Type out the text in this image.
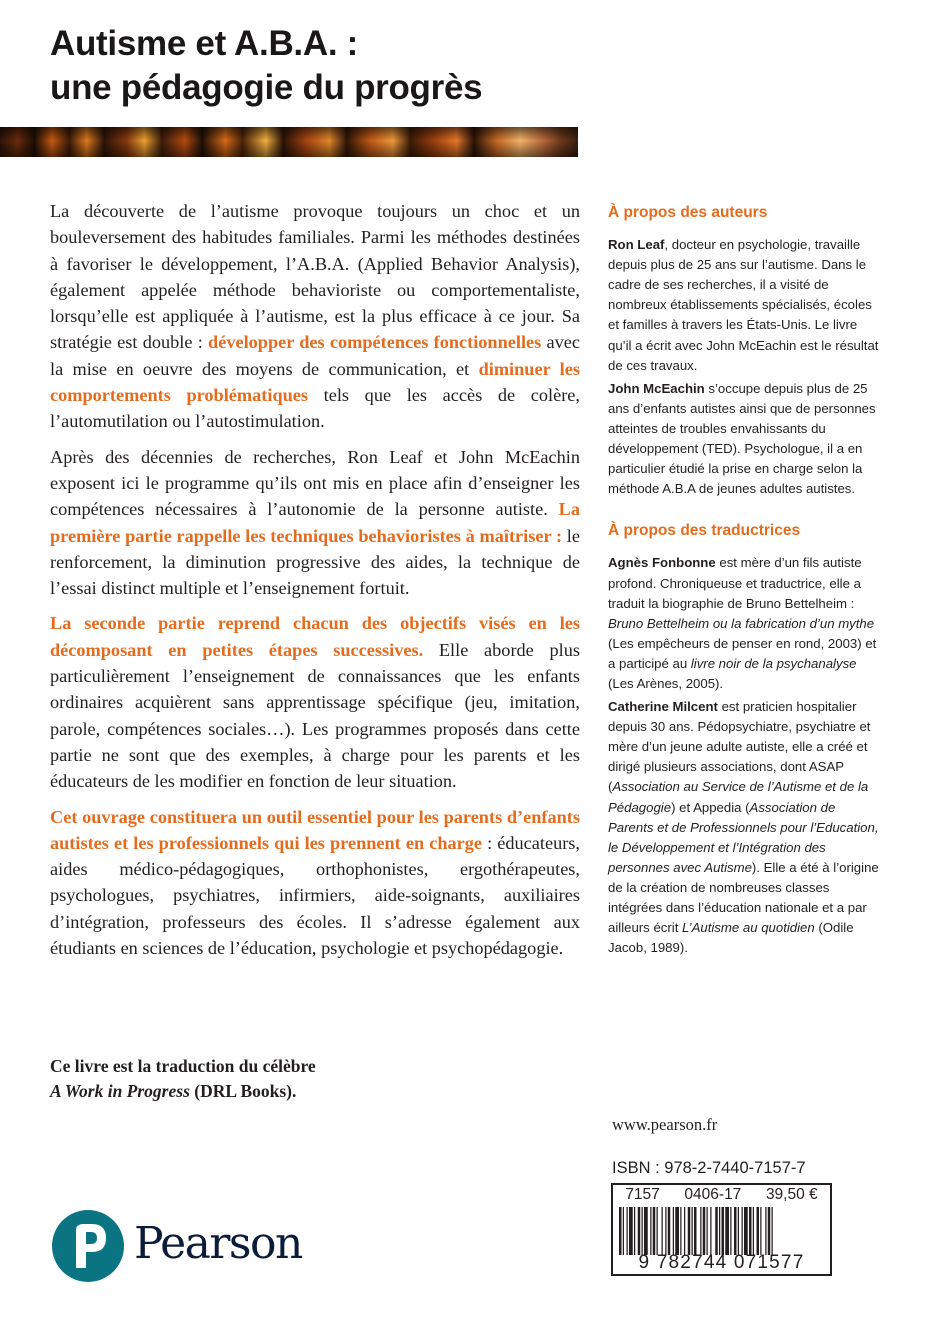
Autisme et A.B.A. :
une pédagogie du progrès

La découverte de l’autisme provoque toujours un choc et un bouleversement des habitudes familiales. Parmi les méthodes destinées à favoriser le développement, l’A.B.A. (Applied Behavior Analysis), également appelée méthode behavioriste ou comportementaliste, lorsqu’elle est appliquée à l’autisme, est la plus efficace à ce jour. Sa stratégie est double : développer des compétences fonctionnelles avec la mise en oeuvre des moyens de communication, et diminuer les comportements problématiques tels que les accès de colère, l’automutilation ou l’autostimulation.

Après des décennies de recherches, Ron Leaf et John McEachin exposent ici le programme qu’ils ont mis en place afin d’enseigner les compétences nécessaires à l’autonomie de la personne autiste. La première partie rappelle les techniques behavioristes à maîtriser : le renforcement, la diminution progressive des aides, la technique de l’essai distinct multiple et l’enseignement fortuit.

La seconde partie reprend chacun des objectifs visés en les décomposant en petites étapes successives. Elle aborde plus particulièrement l’enseignement de connaissances que les enfants ordinaires acquièrent sans apprentissage spécifique (jeu, imitation, parole, compétences sociales…). Les programmes proposés dans cette partie ne sont que des exemples, à charge pour les parents et les éducateurs de les modifier en fonction de leur situation.

Cet ouvrage constituera un outil essentiel pour les parents d’enfants autistes et les professionnels qui les prennent en charge : éducateurs, aides médico-pédagogiques, orthophonistes, ergothérapeutes, psychologues, psychiatres, infirmiers, aide-soignants, auxiliaires d’intégration, professeurs des écoles. Il s’adresse également aux étudiants en sciences de l’éducation, psychologie et psychopédagogie.

Ce livre est la traduction du célèbre
A Work in Progress (DRL Books).
À propos des auteurs

Ron Leaf, docteur en psychologie, travaille depuis plus de 25 ans sur l’autisme. Dans le cadre de ses recherches, il a visité de nombreux établissements spécialisés, écoles et familles à travers les États-Unis. Le livre qu’il a écrit avec John McEachin est le résultat de ces travaux.

John McEachin s’occupe depuis plus de 25 ans d’enfants autistes ainsi que de personnes atteintes de troubles envahissants du développement (TED). Psychologue, il a en particulier étudié la prise en charge selon la méthode A.B.A de jeunes adultes autistes.

À propos des traductrices

Agnès Fonbonne est mère d’un fils autiste profond. Chroniqueuse et traductrice, elle a traduit la biographie de Bruno Bettelheim : Bruno Bettelheim ou la fabrication d’un mythe (Les empêcheurs de penser en rond, 2003) et a participé au livre noir de la psychanalyse (Les Arènes, 2005).

Catherine Milcent est praticien hospitalier depuis 30 ans. Pédopsychiatre, psychiatre et mère d’un jeune adulte autiste, elle a créé et dirigé plusieurs associations, dont ASAP (Association au Service de l’Autisme et de la Pédagogie) et Appedia (Association de Parents et de Professionnels pour l’Education, le Développement et l’Intégration des personnes avec Autisme). Elle a été à l’origine de la création de nombreuses classes intégrées dans l’éducation nationale et a par ailleurs écrit L’Autisme au quotidien (Odile Jacob, 1989).

www.pearson.fr
ISBN : 978-2-7440-7157-7
7157 0406-17 39,50 €
9 782744 071577
Pearson
